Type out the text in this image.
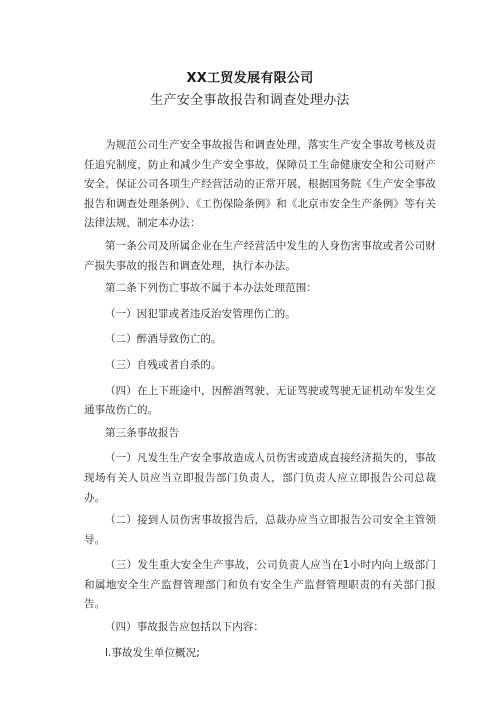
XX工贸发展有限公司
生产安全事故报告和调查处理办法

为规范公司生产安全事故报告和调查处理，落实生产安全事故考核及责任追究制度，防止和减少生产安全事故，保障员工生命健康安全和公司财产安全，保证公司各项生产经营活动的正常开展，根据国务院《生产安全事故报告和调查处理条例》、《工伤保险条例》和《北京市安全生产条例》等有关法律法规，制定本办法：

第一条公司及所属企业在生产经营活中发生的人身伤害事故或者公司财产损失事故的报告和调查处理，执行本办法。

第二条下列伤亡事故不属于本办法处理范围：

（一）因犯罪或者违反治安管理伤亡的。

（二）醉酒导致伤亡的。

（三）自残或者自杀的。

（四）在上下班途中，因醉酒驾驶、无证驾驶或驾驶无证机动车发生交通事故伤亡的。

第三条事故报告

（一）凡发生生产安全事故造成人员伤害或造成直接经济损失的，事故现场有关人员应当立即报告部门负责人，部门负责人应立即报告公司总裁办。

（二）接到人员伤害事故报告后，总裁办应当立即报告公司安全主管领导。

（三）发生重大安全生产事故，公司负责人应当在1小时内向上级部门和属地安全生产监督管理部门和负有安全生产监督管理职责的有关部门报告。

（四）事故报告应包括以下内容：

l.事故发生单位概况;
